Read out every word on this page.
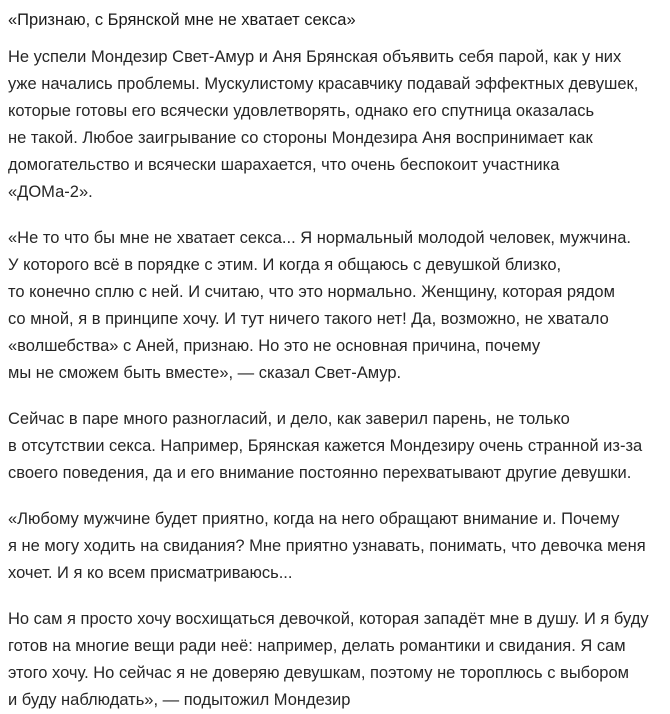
«Признаю, с Брянской мне не хватает секса»

Не успели Мондезир Свет-Амур и Аня Брянская объявить себя парой, как у них
уже начались проблемы. Мускулистому красавчику подавай эффектных девушек,
которые готовы его всячески удовлетворять, однако его спутница оказалась
не такой. Любое заигрывание со стороны Мондезира Аня воспринимает как
домогательство и всячески шарахается, что очень беспокоит участника
«ДОМа-2».

«Не то что бы мне не хватает секса... Я нормальный молодой человек, мужчина.
У которого всё в порядке с этим. И когда я общаюсь с девушкой близко,
то конечно сплю с ней. И считаю, что это нормально. Женщину, которая рядом
со мной, я в принципе хочу. И тут ничего такого нет! Да, возможно, не хватало
«волшебства» с Аней, признаю. Но это не основная причина, почему
мы не сможем быть вместе», — сказал Свет-Амур.

Сейчас в паре много разногласий, и дело, как заверил парень, не только
в отсутствии секса. Например, Брянская кажется Мондезиру очень странной из-за
своего поведения, да и его внимание постоянно перехватывают другие девушки.

«Любому мужчине будет приятно, когда на него обращают внимание и. Почему
я не могу ходить на свидания? Мне приятно узнавать, понимать, что девочка меня
хочет. И я ко всем присматриваюсь...

Но сам я просто хочу восхищаться девочкой, которая западёт мне в душу. И я буду
готов на многие вещи ради неё: например, делать романтики и свидания. Я сам
этого хочу. Но сейчас я не доверяю девушкам, поэтому не тороплюсь с выбором
и буду наблюдать», — подытожил Мондезир
